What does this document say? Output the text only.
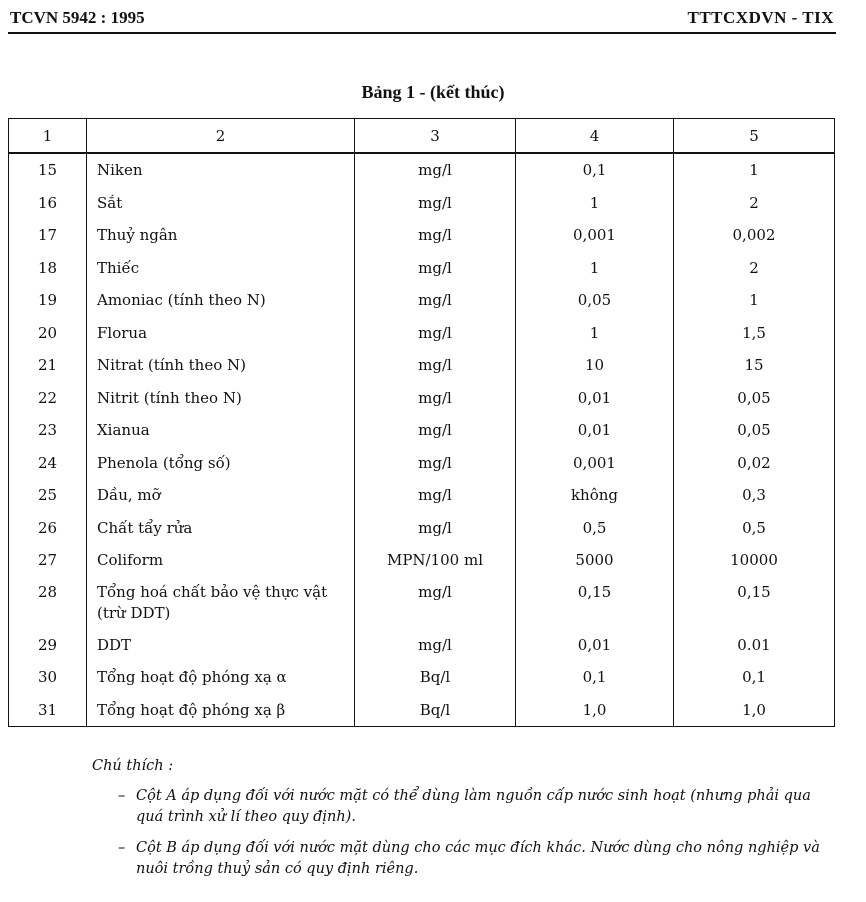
TCVN 5942 : 1995	TTTCXDVN - TIX
Bảng 1 - (kết thúc)
1	2	3	4	5
15	Niken	mg/l	0,1	1
16	Sắt	mg/l	1	2
17	Thuỷ ngân	mg/l	0,001	0,002
18	Thiếc	mg/l	1	2
19	Amoniac (tính theo N)	mg/l	0,05	1
20	Florua	mg/l	1	1,5
21	Nitrat (tính theo N)	mg/l	10	15
22	Nitrit (tính theo N)	mg/l	0,01	0,05
23	Xianua	mg/l	0,01	0,05
24	Phenola (tổng số)	mg/l	0,001	0,02
25	Dầu, mỡ	mg/l	không	0,3
26	Chất tẩy rửa	mg/l	0,5	0,5
27	Coliform	MPN/100 ml	5000	10000
28	Tổng hoá chất bảo vệ thực vật (trừ DDT)	mg/l	0,15	0,15
29	DDT	mg/l	0,01	0.01
30	Tổng hoạt độ phóng xạ α	Bq/l	0,1	0,1
31	Tổng hoạt độ phóng xạ β	Bq/l	1,0	1,0
Chú thích :
– Cột A áp dụng đối với nước mặt có thể dùng làm nguồn cấp nước sinh hoạt (nhưng phải qua quá trình xử lí theo quy định).
– Cột B áp dụng đối với nước mặt dùng cho các mục đích khác. Nước dùng cho nông nghiệp và nuôi trồng thuỷ sản có quy định riêng.
